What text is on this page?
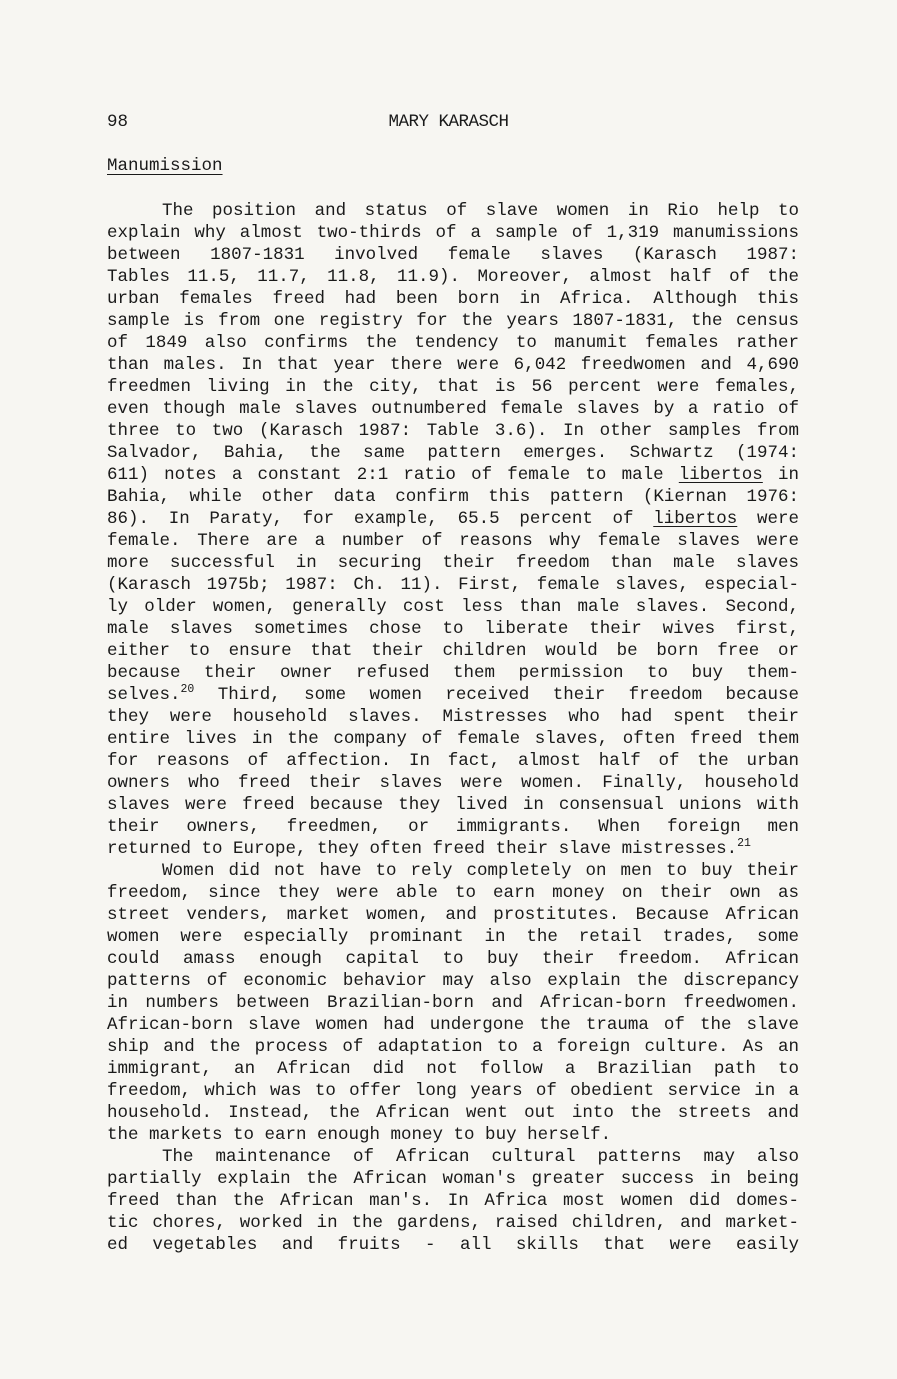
98	MARY KARASCH
Manumission
The position and status of slave women in Rio help to
explain why almost two-thirds of a sample of 1,319 manumissions
between 1807-1831 involved female slaves (Karasch 1987:
Tables 11.5, 11.7, 11.8, 11.9). Moreover, almost half of the
urban females freed had been born in Africa. Although this
sample is from one registry for the years 1807-1831, the census
of 1849 also confirms the tendency to manumit females rather
than males. In that year there were 6,042 freedwomen and 4,690
freedmen living in the city, that is 56 percent were females,
even though male slaves outnumbered female slaves by a ratio of
three to two (Karasch 1987: Table 3.6). In other samples from
Salvador, Bahia, the same pattern emerges. Schwartz (1974:
611) notes a constant 2:1 ratio of female to male libertos in
Bahia, while other data confirm this pattern (Kiernan 1976:
86). In Paraty, for example, 65.5 percent of libertos were
female. There are a number of reasons why female slaves were
more successful in securing their freedom than male slaves
(Karasch 1975b; 1987: Ch. 11). First, female slaves, especial-
ly older women, generally cost less than male slaves. Second,
male slaves sometimes chose to liberate their wives first,
either to ensure that their children would be born free or
because their owner refused them permission to buy them-
selves.$^{20}$ Third, some women received their freedom because
they were household slaves. Mistresses who had spent their
entire lives in the company of female slaves, often freed them
for reasons of affection. In fact, almost half of the urban
owners who freed their slaves were women. Finally, household
slaves were freed because they lived in consensual unions with
their owners, freedmen, or immigrants. When foreign men
returned to Europe, they often freed their slave mistresses.$^{21}$
Women did not have to rely completely on men to buy their
freedom, since they were able to earn money on their own as
street venders, market women, and prostitutes. Because African
women were especially prominant in the retail trades, some
could amass enough capital to buy their freedom. African
patterns of economic behavior may also explain the discrepancy
in numbers between Brazilian-born and African-born freedwomen.
African-born slave women had undergone the trauma of the slave
ship and the process of adaptation to a foreign culture. As an
immigrant, an African did not follow a Brazilian path to
freedom, which was to offer long years of obedient service in a
household. Instead, the African went out into the streets and
the markets to earn enough money to buy herself.
The maintenance of African cultural patterns may also
partially explain the African woman's greater success in being
freed than the African man's. In Africa most women did domes-
tic chores, worked in the gardens, raised children, and market-
ed vegetables and fruits - all skills that were easily
